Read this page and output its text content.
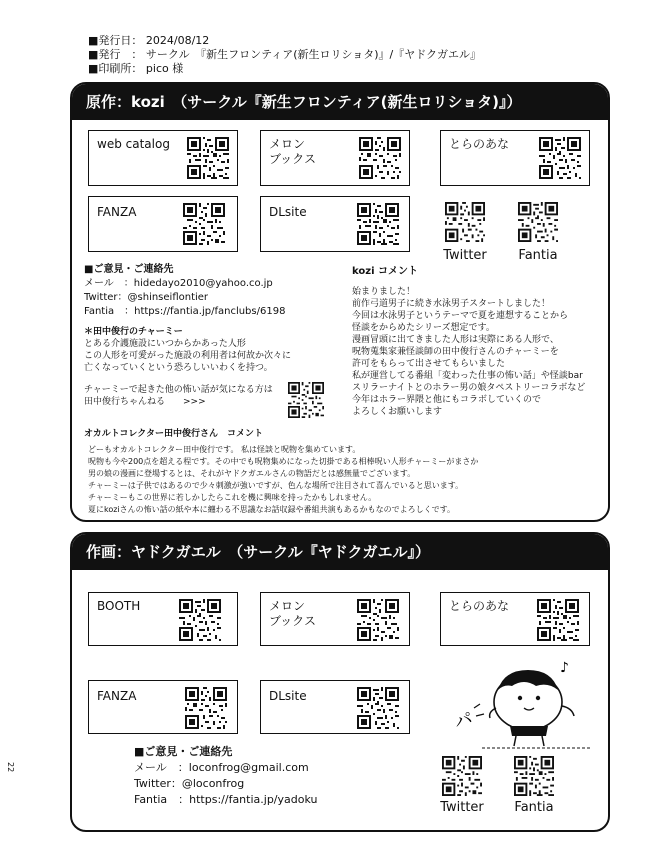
■発行日： 2024/08/12
■発行　： サークル　『新生フロンティア(新生ロリショタ)』/『ヤドクガエル』
■印刷所： pico 様
原作：kozi　（サークル『新生フロンティア(新生ロリショタ)』）
web catalog	メロン
ブックス
とらのあな
FANZA	DLsite
Twitter	Fantia
■ご意見・ご連絡先
メール　：hidedayo2010@yahoo.co.jp
Twitter：@shinseiflontier
Fantia　：https://fantia.jp/fanclubs/6198
＊田中俊行のチャーミー
とある介護施設にいつからかあった人形
この人形を可愛がった施設の利用者は何故か次々に
亡くなっていくという恐ろしいいわくを持つ。
チャーミーで起きた他の怖い話が気になる方は
田中俊行ちゃんねる　　>>>
kozi コメント
始まりました！
前作弓道男子に続き水泳男子スタートしました！
今回は水泳男子というテーマで夏を連想することから
怪談をからめたシリーズ想定です。
漫画冒頭に出てきました人形は実際にある人形で、
呪物蒐集家兼怪談師の田中俊行さんのチャーミーを
許可をもらって出させてもらいました
私が運営してる番組「変わった仕事の怖い話」や怪談bar
スリラーナイトとのホラー男の娘タペストリーコラボなど
今年はホラー界隈と他にもコラボしていくので
よろしくお願いします
オカルトコレクター田中俊行さん　コメント
どーもオカルトコレクター田中俊行です。 私は怪談と呪物を集めています。
呪物も今や200点を超える程です。その中でも呪物集めになった切掛である相棒呪い人形チャーミーがまさか
男の娘の漫画に登場するとは、それがヤドクガエルさんの物語だとは感無量でございます。
チャーミーは子供ではあるので少々刺激が強いですが、色んな場所で注目されて喜んでいると思います。
チャーミーもこの世界に若しかしたらこれを機に興味を持ったかもしれません。
夏にkoziさんの怖い話の紙や本に纏わる不思議なお話収録や番組共演もあるかもなのでよろしくです。
作画：ヤドクガエル　（サークル『ヤドクガエル』）
BOOTH	メロン
ブックス
とらのあな
FANZA	DLsite
♪
パ
■ご意見・ご連絡先
メール　：loconfrog@gmail.com
Twitter：@loconfrog
Fantia　：https://fantia.jp/yadoku
Twitter	Fantia
22
